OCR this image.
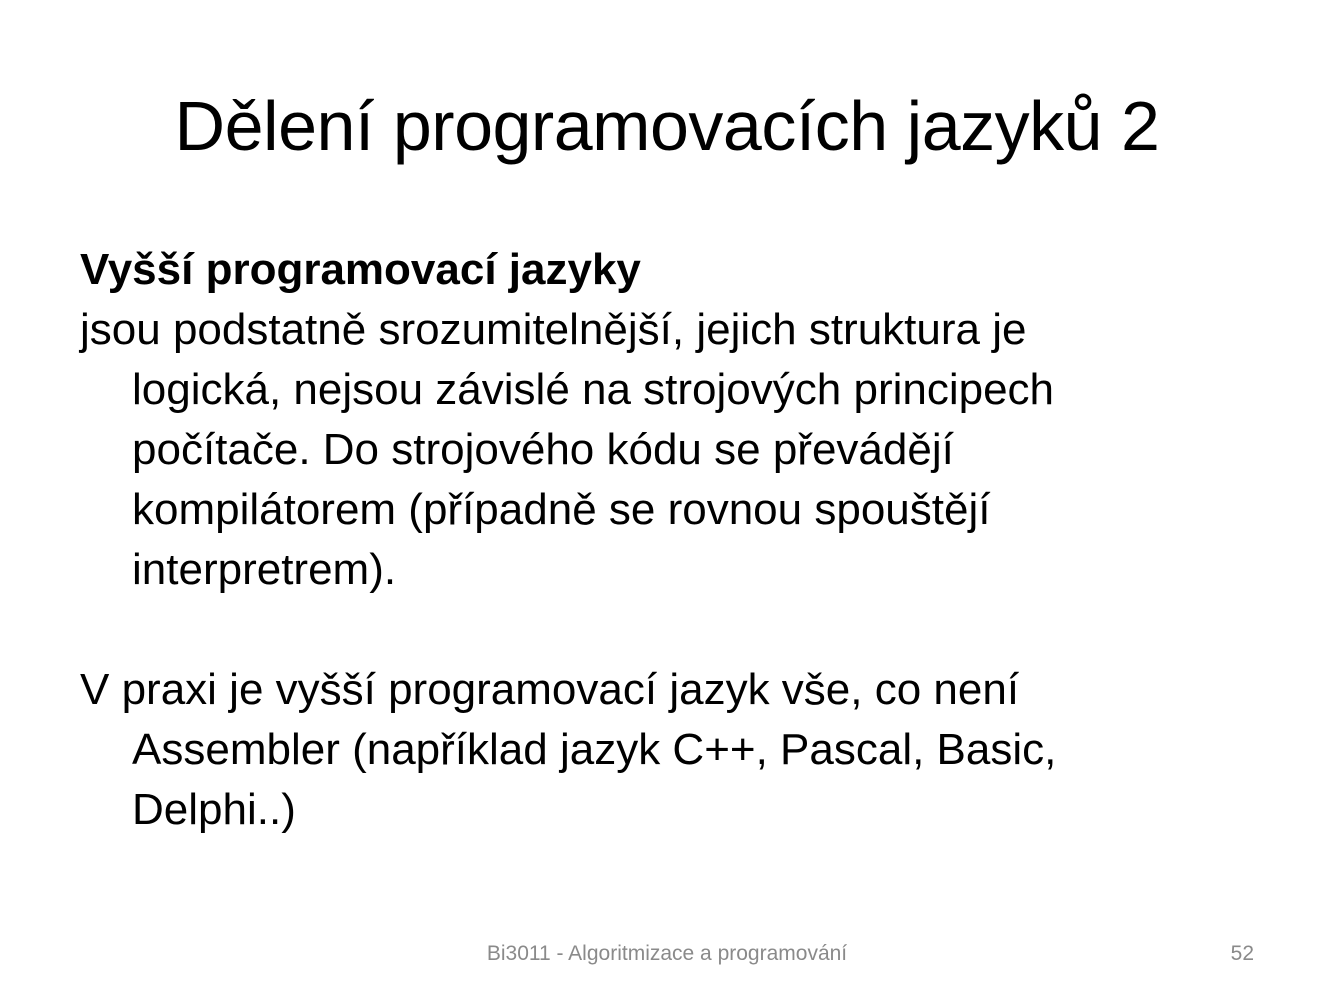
Dělení programovacích jazyků 2
Vyšší programovací jazyky

jsou podstatně srozumitelnější, jejich struktura je
logická, nejsou závislé na strojových principech
počítače. Do strojového kódu se převádějí
kompilátorem (případně se rovnou spouštějí
interpretrem).

V praxi je vyšší programovací jazyk vše, co není
Assembler (například jazyk C++, Pascal, Basic,
Delphi..)

Bi3011 - Algoritmizace a programování	52
